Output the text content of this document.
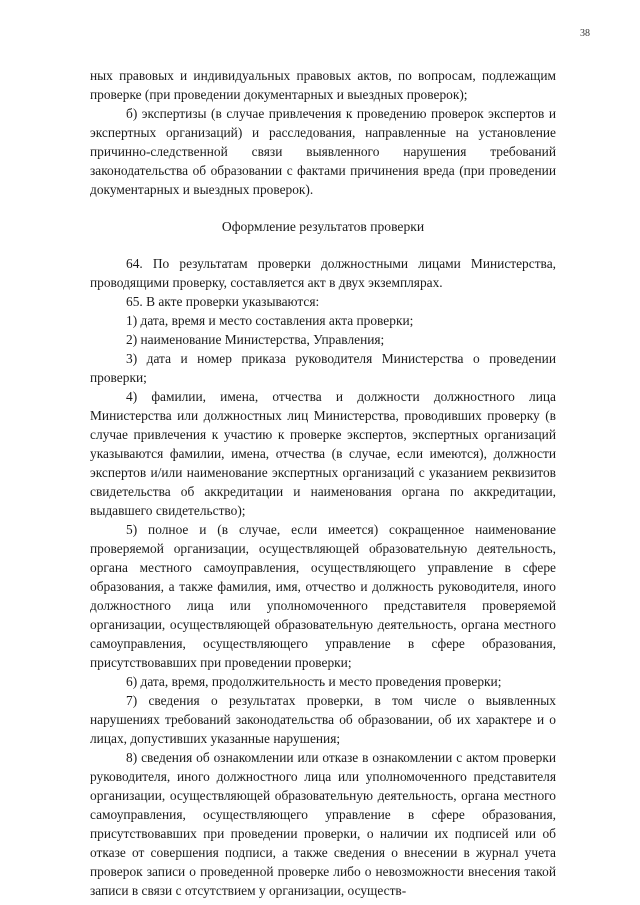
38

ных правовых и индивидуальных правовых актов, по вопросам, подлежащим проверке (при проведении документарных и выездных проверок);

б) экспертизы (в случае привлечения к проведению проверок экспертов и экспертных организаций) и расследования, направленные на установление причинно-следственной связи выявленного нарушения требований законодательства об образовании с фактами причинения вреда (при проведении документарных и выездных проверок).

Оформление результатов проверки

64. По результатам проверки должностными лицами Министерства, проводящими проверку, составляется акт в двух экземплярах.

65. В акте проверки указываются:

1) дата, время и место составления акта проверки;

2) наименование Министерства, Управления;

3) дата и номер приказа руководителя Министерства о проведении проверки;

4) фамилии, имена, отчества и должности должностного лица Министерства или должностных лиц Министерства, проводивших проверку (в случае привлечения к участию к проверке экспертов, экспертных организаций указываются фамилии, имена, отчества (в случае, если имеются), должности экспертов и/или наименование экспертных организаций с указанием реквизитов свидетельства об аккредитации и наименования органа по аккредитации, выдавшего свидетельство);

5) полное и (в случае, если имеется) сокращенное наименование проверяемой организации, осуществляющей образовательную деятельность, органа местного самоуправления, осуществляющего управление в сфере образования, а также фамилия, имя, отчество и должность руководителя, иного должностного лица или уполномоченного представителя проверяемой организации, осуществляющей образовательную деятельность, органа местного самоуправления, осуществляющего управление в сфере образования, присутствовавших при проведении проверки;

6) дата, время, продолжительность и место проведения проверки;

7) сведения о результатах проверки, в том числе о выявленных нарушениях требований законодательства об образовании, об их характере и о лицах, допустивших указанные нарушения;

8) сведения об ознакомлении или отказе в ознакомлении с актом проверки руководителя, иного должностного лица или уполномоченного представителя организации, осуществляющей образовательную деятельность, органа местного самоуправления, осуществляющего управление в сфере образования, присутствовавших при проведении проверки, о наличии их подписей или об отказе от совершения подписи, а также сведения о внесении в журнал учета проверок записи о проведенной проверке либо о невозможности внесения такой записи в связи с отсутствием у организации, осуществ-
